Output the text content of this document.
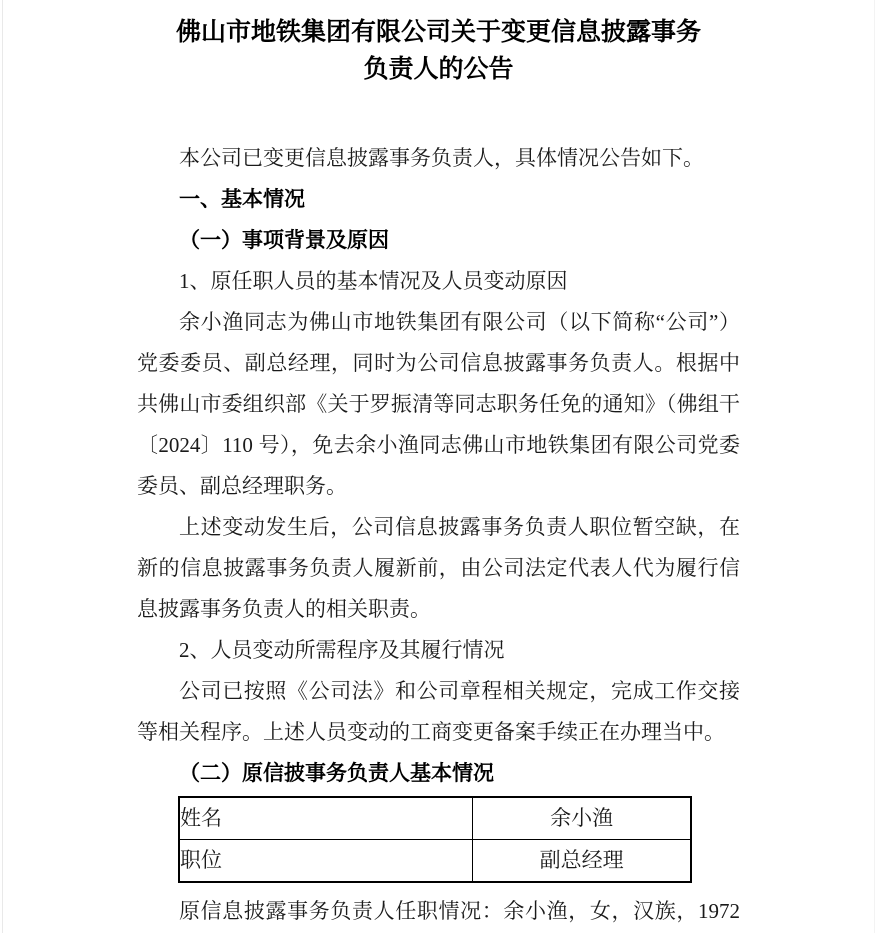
佛山市地铁集团有限公司关于变更信息披露事务
负责人的公告

本公司已变更信息披露事务负责人，具体情况公告如下。

一、基本情况

（一）事项背景及原因

1、原任职人员的基本情况及人员变动原因

余小渔同志为佛山市地铁集团有限公司（以下简称“公司”）党委委员、副总经理，同时为公司信息披露事务负责人。根据中共佛山市委组织部《关于罗振清等同志职务任免的通知》（佛组干〔2024〕110 号），免去余小渔同志佛山市地铁集团有限公司党委委员、副总经理职务。

上述变动发生后，公司信息披露事务负责人职位暂空缺，在新的信息披露事务负责人履新前，由公司法定代表人代为履行信息披露事务负责人的相关职责。

2、人员变动所需程序及其履行情况

公司已按照《公司法》和公司章程相关规定，完成工作交接等相关程序。上述人员变动的工商变更备案手续正在办理当中。

（二）原信披事务负责人基本情况

姓名	余小渔
职位	副总经理

原信息披露事务负责人任职情况：余小渔，女，汉族，1972
